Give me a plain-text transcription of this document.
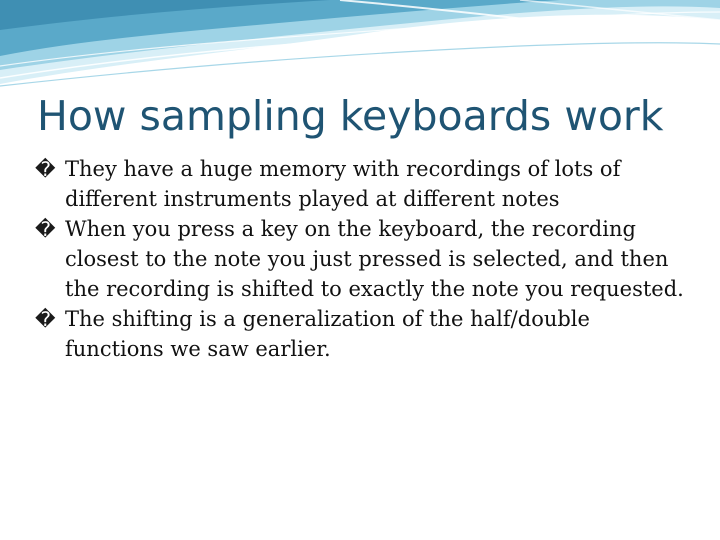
How sampling keyboards work
�
They have a huge memory with recordings of lots of different instruments played at different notes
�
When you press a key on the keyboard, the recording closest to the note you just pressed is selected, and then the recording is shifted to exactly the note you requested.
�
The shifting is a generalization of the half/double functions we saw earlier.
